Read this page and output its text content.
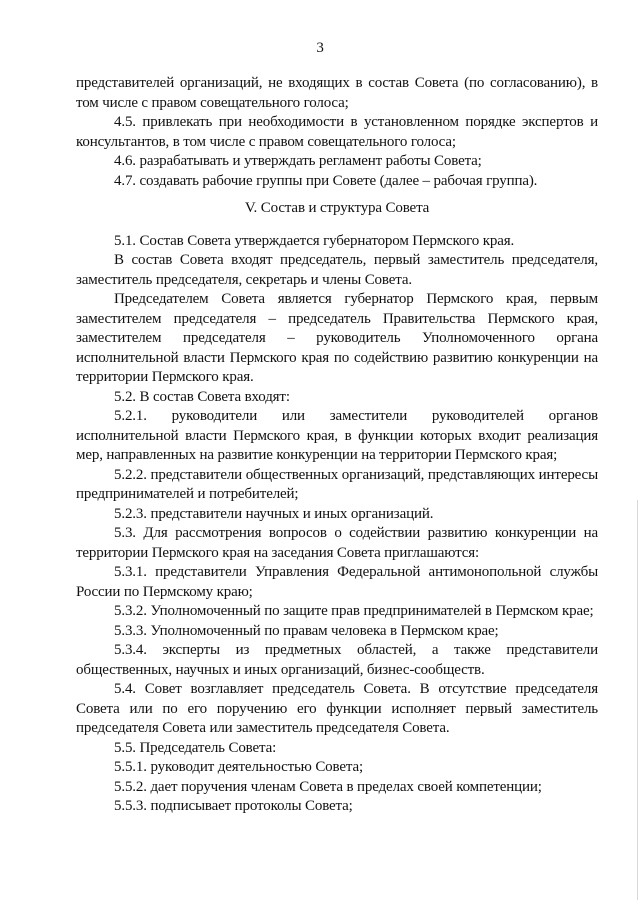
3

представителей организаций, не входящих в состав Совета (по согласованию), в том числе с правом совещательного голоса;

4.5. привлекать при необходимости в установленном порядке экспертов и консультантов, в том числе с правом совещательного голоса;

4.6. разрабатывать и утверждать регламент работы Совета;

4.7. создавать рабочие группы при Совете (далее – рабочая группа).

V. Состав и структура Совета

5.1. Состав Совета утверждается губернатором Пермского края.

В состав Совета входят председатель, первый заместитель председателя, заместитель председателя, секретарь и члены Совета.

Председателем Совета является губернатор Пермского края, первым заместителем председателя – председатель Правительства Пермского края, заместителем председателя – руководитель Уполномоченного органа исполнительной власти Пермского края по содействию развитию конкуренции на территории Пермского края.

5.2. В состав Совета входят:

5.2.1. руководители или заместители руководителей органов исполнительной власти Пермского края, в функции которых входит реализация мер, направленных на развитие конкуренции на территории Пермского края;

5.2.2. представители общественных организаций, представляющих интересы предпринимателей и потребителей;

5.2.3. представители научных и иных организаций.

5.3. Для рассмотрения вопросов о содействии развитию конкуренции на территории Пермского края на заседания Совета приглашаются:

5.3.1. представители Управления Федеральной антимонопольной службы России по Пермскому краю;

5.3.2. Уполномоченный по защите прав предпринимателей в Пермском крае;

5.3.3. Уполномоченный по правам человека в Пермском крае;

5.3.4. эксперты из предметных областей, а также представители общественных, научных и иных организаций, бизнес-сообществ.

5.4. Совет возглавляет председатель Совета. В отсутствие председателя Совета или по его поручению его функции исполняет первый заместитель председателя Совета или заместитель председателя Совета.

5.5. Председатель Совета:

5.5.1. руководит деятельностью Совета;

5.5.2. дает поручения членам Совета в пределах своей компетенции;

5.5.3. подписывает протоколы Совета;
